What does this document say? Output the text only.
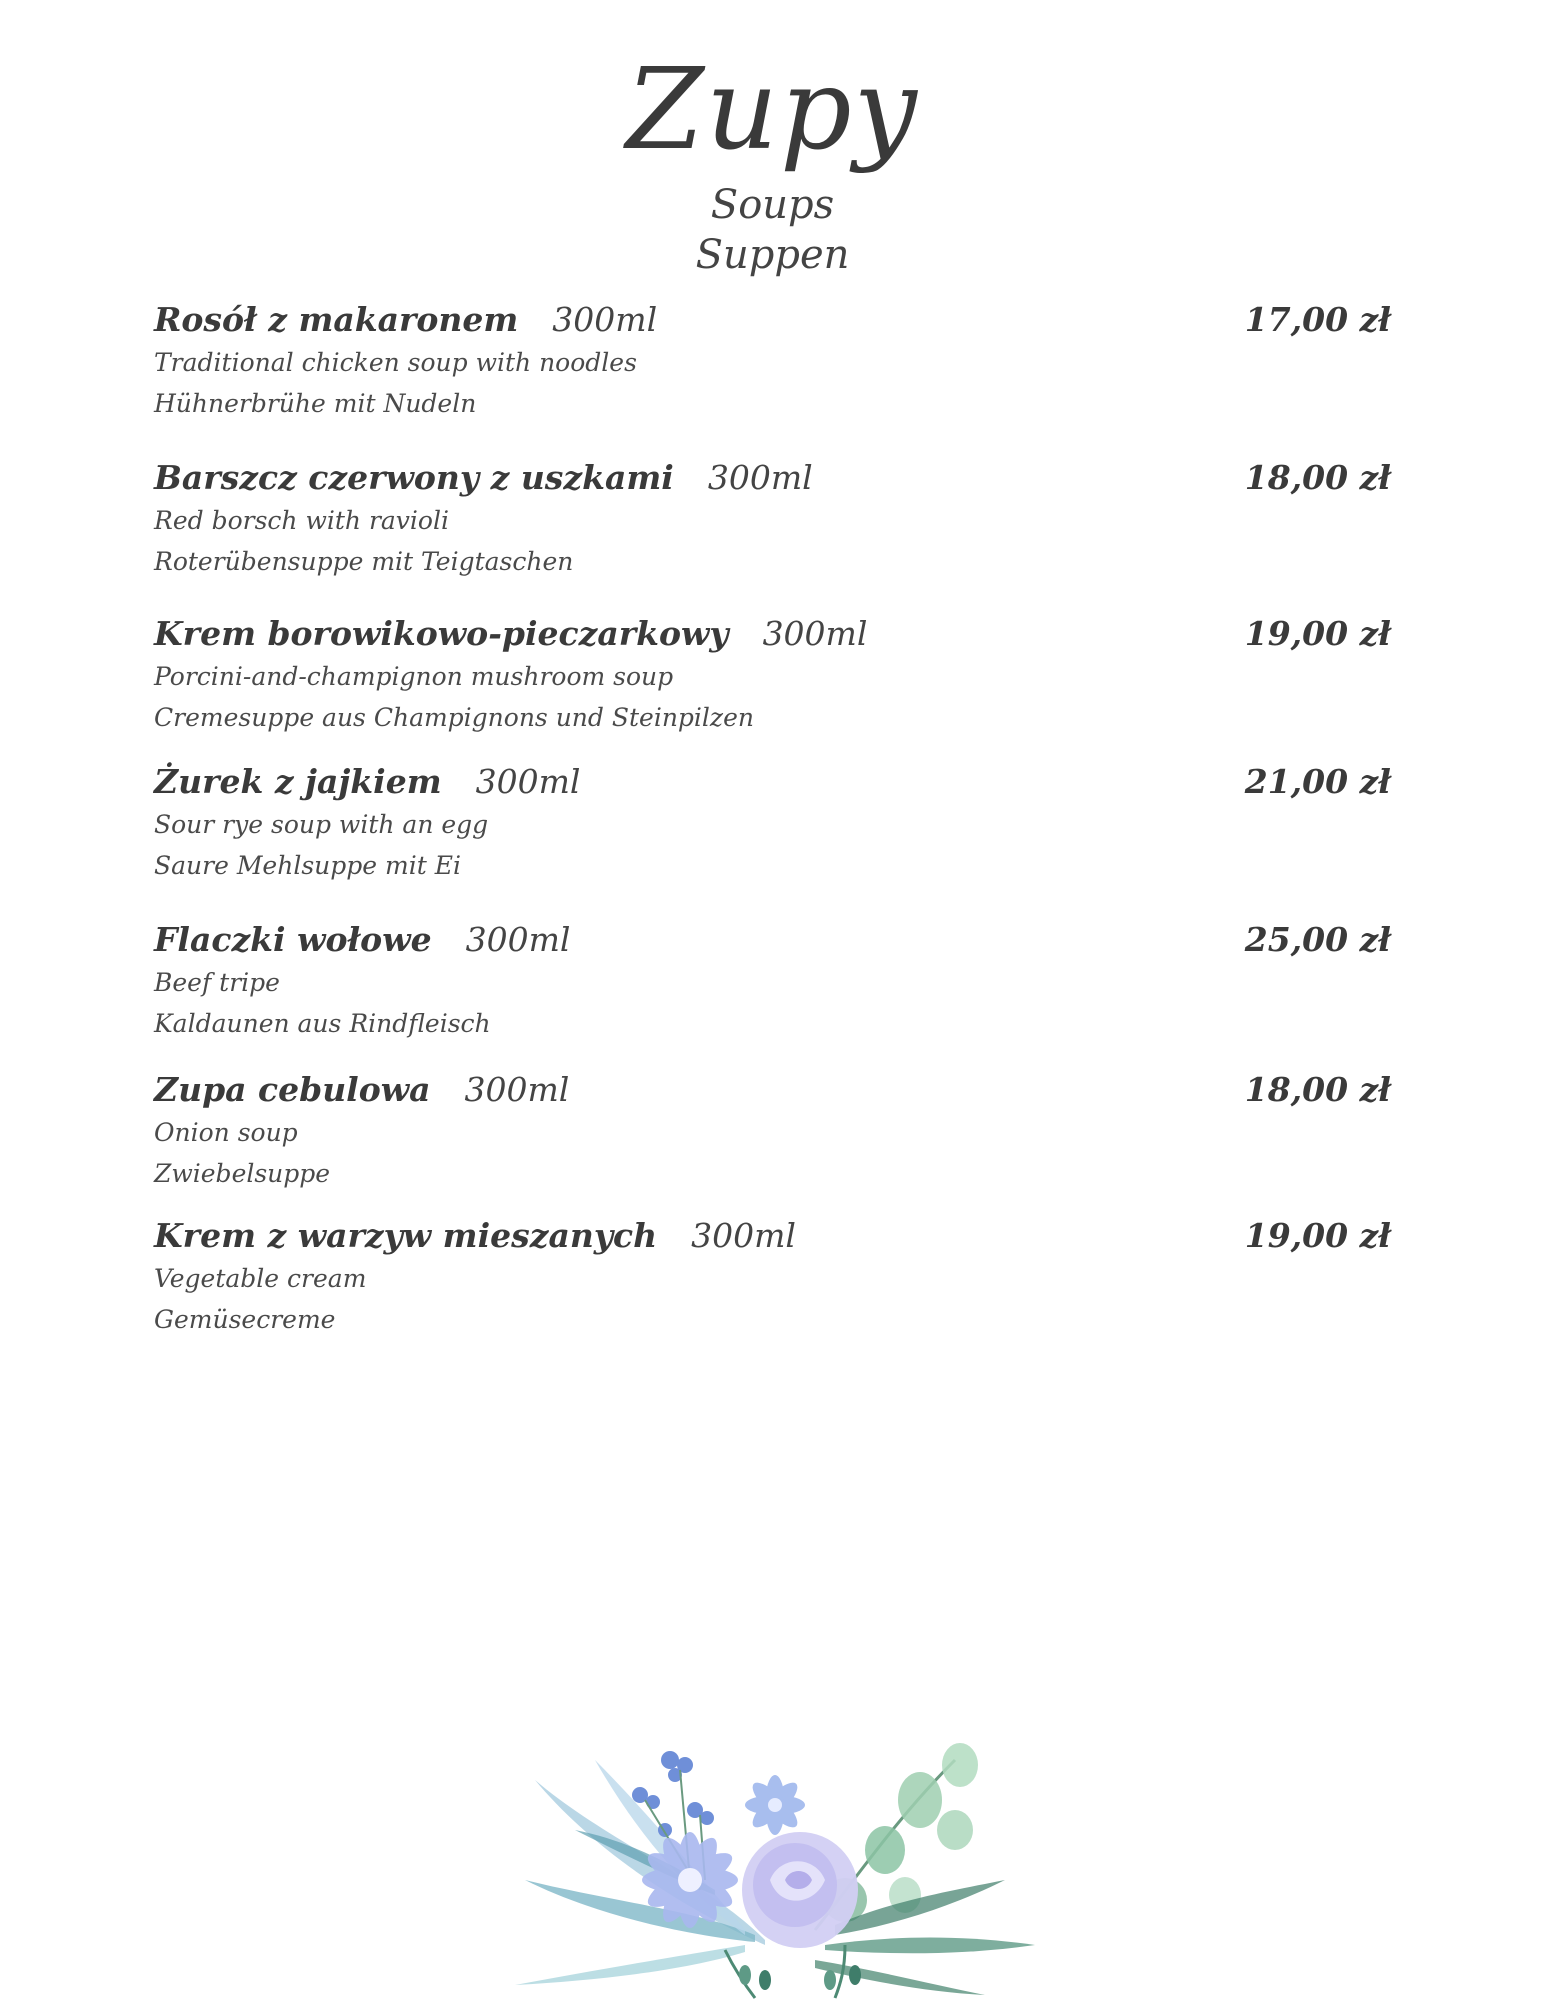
Zupy
Soups
Suppen
Rosół z makaronem 300ml	17,00 zł
Traditional chicken soup with noodles
Hühnerbrühe mit Nudeln
Barszcz czerwony z uszkami 300ml	18,00 zł
Red borsch with ravioli
Roterübensuppe mit Teigtaschen
Krem borowikowo-pieczarkowy 300ml	19,00 zł
Porcini-and-champignon mushroom soup
Cremesuppe aus Champignons und Steinpilzen
Żurek z jajkiem 300ml	21,00 zł
Sour rye soup with an egg
Saure Mehlsuppe mit Ei
Flaczki wołowe 300ml	25,00 zł
Beef tripe
Kaldaunen aus Rindfleisch
Zupa cebulowa 300ml	18,00 zł
Onion soup
Zwiebelsuppe
Krem z warzyw mieszanych 300ml	19,00 zł
Vegetable cream
Gemüsecreme
